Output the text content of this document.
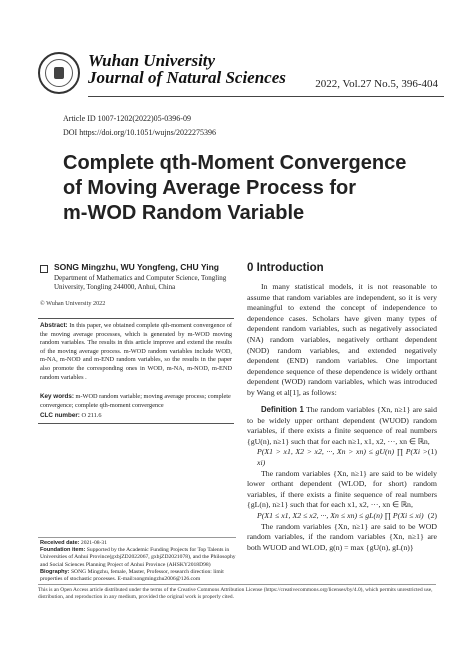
Wuhan University
Journal of Natural Sciences	2022, Vol.27 No.5, 396-404
Article ID 1007-1202(2022)05-0396-09
DOI https://doi.org/10.1051/wujns/2022275396
Complete qth-Moment Convergence
of Moving Average Process for
m-WOD Random Variable
SONG Mingzhu, WU Yongfeng, CHU Ying
Department of Mathematics and Computer Science, Tongling
University, Tongling 244000, Anhui, China
© Wuhan University 2022
Abstract: In this paper, we obtained complete qth-moment convergence of the moving average processes, which is generated by m-WOD moving random variables. The results in this article improve and extend the results of the moving average process. m-WOD random variables include WOD, m-NA, m-NOD and m-END random variables, so the results in the paper also promote the corresponding ones in WOD, m-NA, m-NOD, m-END random variables .
Key words: m-WOD random variable; moving average process; complete convergence; complete qth-moment convergence
CLC number: O 211.6
Received date: 2021-08-31
Foundation item: Supported by the Academic Funding Projects for Top Talents in Universities of Anhui Province(gxbjZD2022067, gxbjZD2021078), and the Philosophy and Social Sciences Planning Project of Anhui Province (AHSKY2018D98)
Biography: SONG Mingzhu, female, Master, Professor, research direction: limit properties of stochastic processes. E-mail:songmingzhu2006@126.com
0 Introduction
In many statistical models, it is not reasonable to assume that random variables are independent, so it is very meaningful to extend the concept of independence to dependence cases. Scholars have given many types of dependent random variables, such as negatively associated (NA) random variables, negatively orthant dependent (NOD) random variables, and extended negatively dependent (END) random variables. One important dependence sequence of these dependence is widely orthant dependent (WOD) random variables, which was introduced by Wang et al[1], as follows:
Definition 1 The random variables {Xn, n≥1} are said to be widely upper orthant dependent (WUOD) random variables, if there exists a finite sequence of real numbers {gU(n), n≥1} such that for each n≥1, x1, x2, ···, xn ∈ ℝn,
P(X1 > x1, X2 > x2, ···, Xn > xn) ≤ gU(n) ∏ P(Xi > xi)
(1)
The random variables {Xn, n≥1} are said to be widely lower orthant dependent (WLOD, for short) random variables, if there exists a finite sequence of real numbers {gL(n), n≥1} such that for each x1, x2, ···, xn ∈ ℝn,
P(X1 ≤ x1, X2 ≤ x2, ···, Xn ≤ xn) ≤ gL(n) ∏ P(Xi ≤ xi) (2)
The random variables {Xn, n≥1} are said to be WOD random variables, if the random variables {Xn, n≥1} are both WUOD and WLOD, g(n) = max {gU(n), gL(n)}
This is an Open Access article distributed under the terms of the Creative Commons Attribution License (https://creativecommons.org/licenses/by/4.0), which permits unrestricted use, distribution, and reproduction in any medium, provided the original work is properly cited.
